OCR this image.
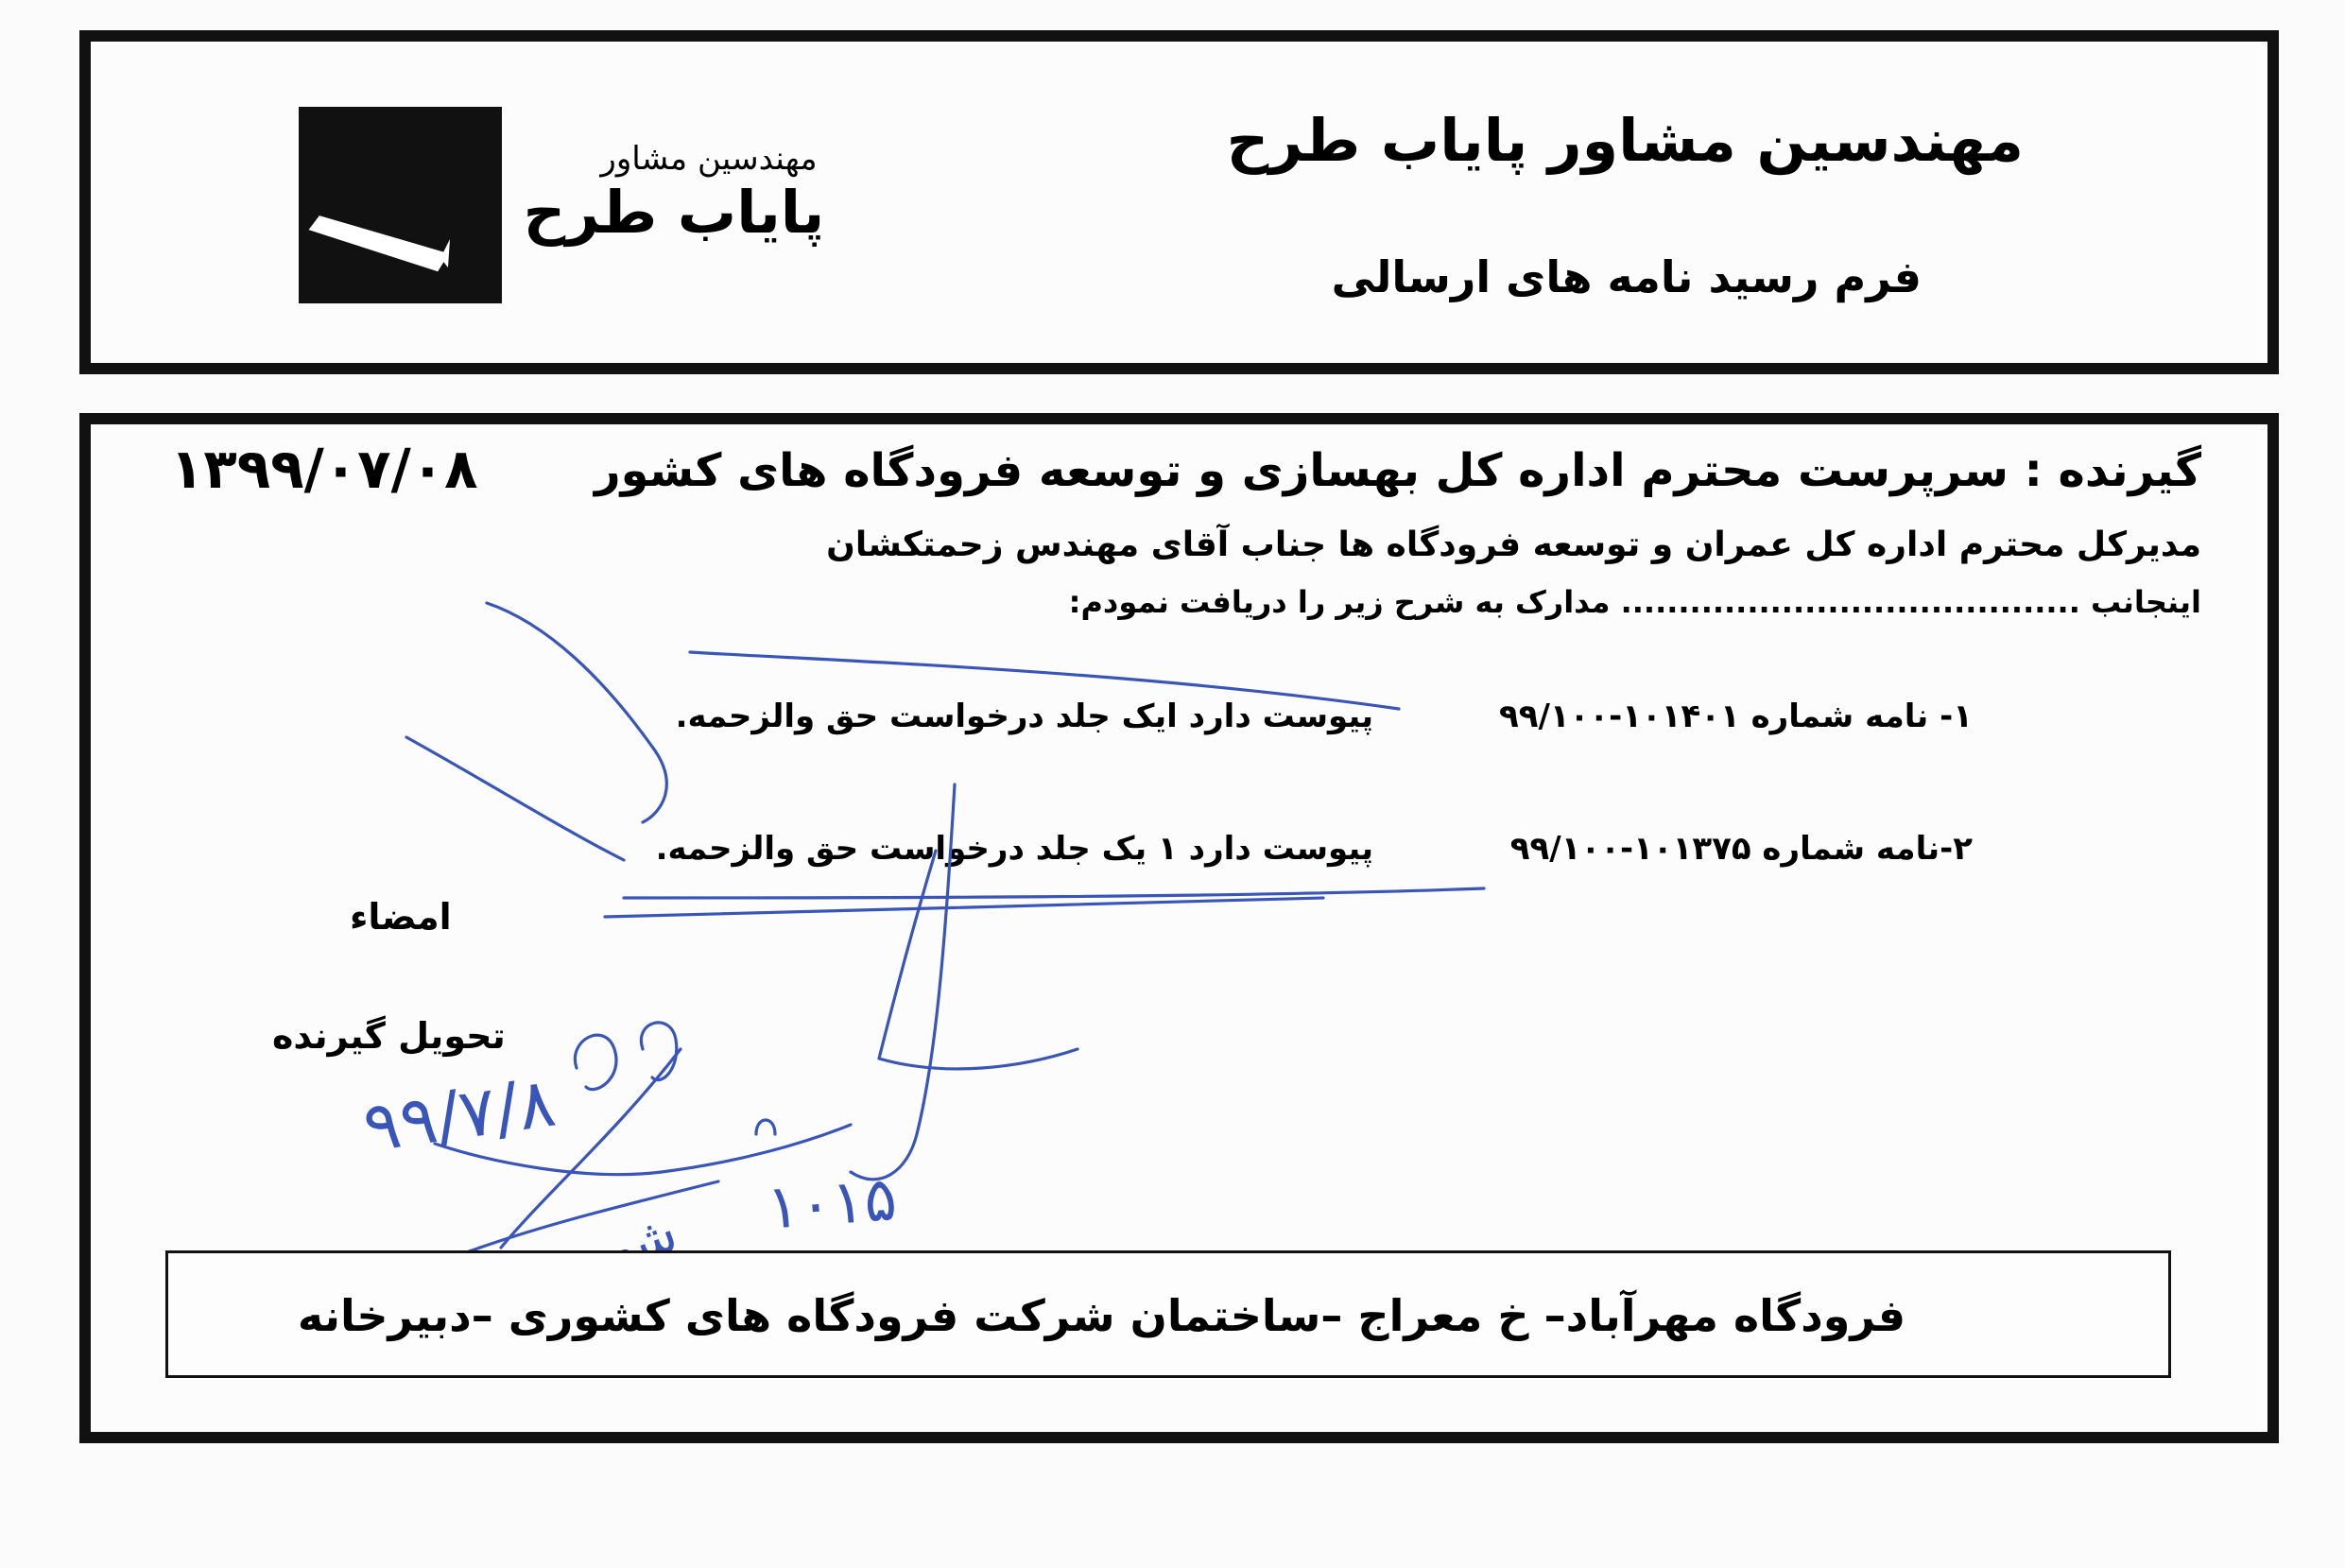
مهندسین مشاور
پایاب طرح
مهندسین مشاور پایاب طرح
فرم رسید نامه های ارسالی
۱۳۹۹/۰۷/۰۸	گیرنده : سرپرست محترم اداره کل بهسازی و توسعه فرودگاه های کشور
مدیرکل محترم اداره کل عمران و توسعه فرودگاه ها جناب آقای مهندس زحمتکشان
اینجانب ........................................ مدارک به شرح زیر را دریافت نمودم:
۱- نامه شماره ۱۰۱۴۰۱-۹۹/۱۰۰
پیوست دارد ایک جلد درخواست حق والزحمه.
۲-نامه شماره ۱۰۱۳۷۵-۹۹/۱۰۰
پیوست دارد ۱ یک جلد درخواست حق والزحمه.
امضاء
تحویل گیرنده
۹۹/۷/۸
۱۰۱۵
فرودگاه مهرآباد– خ معراج –ساختمان شرکت فرودگاه های کشوری –دبیرخانه
